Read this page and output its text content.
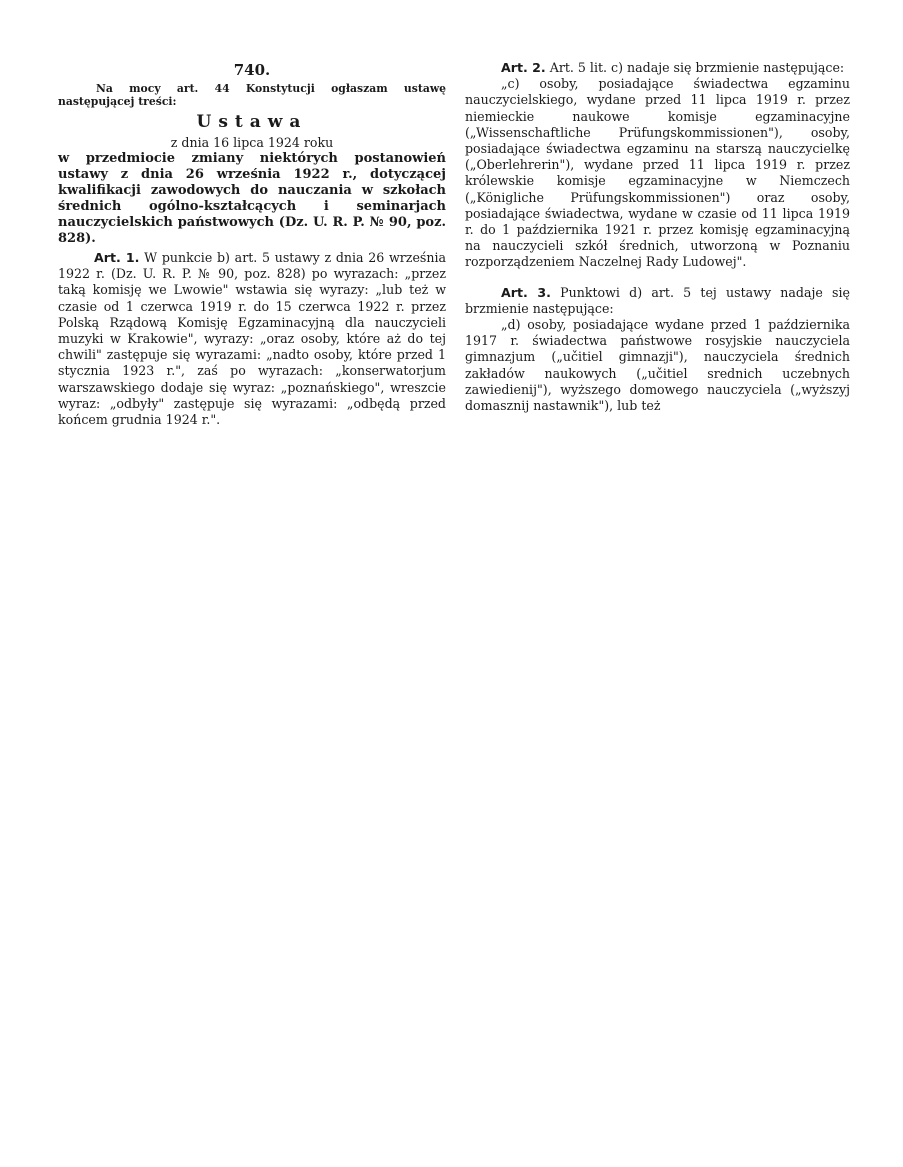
740.

Na mocy art. 44 Konstytucji ogłaszam ustawę następującej treści:

Ustawa
z dnia 16 lipca 1924 roku

w przedmiocie zmiany niektórych postanowień ustawy z dnia 26 września 1922 r., dotyczącej kwalifikacji zawodowych do nauczania w szkołach średnich ogólno-kształcących i seminarjach nauczycielskich państwowych (Dz. U. R. P. № 90, poz. 828).

Art. 1. W punkcie b) art. 5 ustawy z dnia 26 września 1922 r. (Dz. U. R. P. № 90, poz. 828) po wyrazach: „przez taką komisję we Lwowie" wstawia się wyrazy: „lub też w czasie od 1 czerwca 1919 r. do 15 czerwca 1922 r. przez Polską Rządową Komisję Egzaminacyjną dla nauczycieli muzyki w Krakowie", wyrazy: „oraz osoby, które aż do tej chwili" zastępuje się wyrazami: „nadto osoby, które przed 1 stycznia 1923 r.", zaś po wyrazach: „konserwatorjum warszawskiego dodaje się wyraz: „poznańskiego", wreszcie wyraz: „odbyły" zastępuje się wyrazami: „odbędą przed końcem grudnia 1924 r.".

Art. 2. Art. 5 lit. c) nadaje się brzmienie następujące:

„c) osoby, posiadające świadectwa egzaminu nauczycielskiego, wydane przed 11 lipca 1919 r. przez niemieckie naukowe komisje egzaminacyjne („Wissenschaftliche Prüfungskommissionen"), osoby, posiadające świadectwa egzaminu na starszą nauczycielkę („Oberlehrerin"), wydane przed 11 lipca 1919 r. przez królewskie komisje egzaminacyjne w Niemczech („Königliche Prüfungskommissionen") oraz osoby, posiadające świadectwa, wydane w czasie od 11 lipca 1919 r. do 1 października 1921 r. przez komisję egzaminacyjną na nauczycieli szkół średnich, utworzoną w Poznaniu rozporządzeniem Naczelnej Rady Ludowej".

Art. 3. Punktowi d) art. 5 tej ustawy nadaje się brzmienie następujące:

„d) osoby, posiadające wydane przed 1 października 1917 r. świadectwa państwowe rosyjskie nauczyciela gimnazjum („učitiel gimnazji"), nauczyciela średnich zakładów naukowych („učitiel srednich uczebnych zawiedienij"), wyższego domowego nauczyciela („wyższyj domasznij nastawnik"), lub też
